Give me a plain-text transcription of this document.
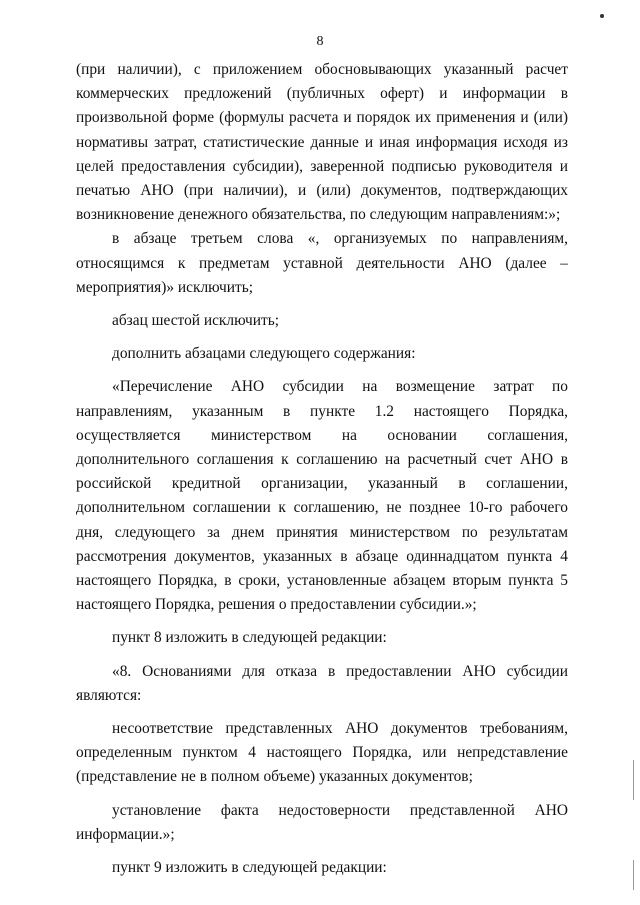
8

(при наличии), с приложением обосновывающих указанный расчет коммерческих предложений (публичных оферт) и информации в произвольной форме (формулы расчета и порядок их применения и (или) нормативы затрат, статистические данные и иная информация исходя из целей предоставления субсидии), заверенной подписью руководителя и печатью АНО (при наличии), и (или) документов, подтверждающих возникновение денежного обязательства, по следующим направлениям:»;

в абзаце третьем слова «, организуемых по направлениям, относящимся к предметам уставной деятельности АНО (далее – мероприятия)» исключить;

абзац шестой исключить;

дополнить абзацами следующего содержания:

«Перечисление АНО субсидии на возмещение затрат по направлениям, указанным в пункте 1.2 настоящего Порядка, осуществляется министерством на основании соглашения, дополнительного соглашения к соглашению на расчетный счет АНО в российской кредитной организации, указанный в соглашении, дополнительном соглашении к соглашению, не позднее 10-го рабочего дня, следующего за днем принятия министерством по результатам рассмотрения документов, указанных в абзаце одиннадцатом пункта 4 настоящего Порядка, в сроки, установленные абзацем вторым пункта 5 настоящего Порядка, решения о предоставлении субсидии.»;

пункт 8 изложить в следующей редакции:

«8. Основаниями для отказа в предоставлении АНО субсидии являются:

несоответствие представленных АНО документов требованиям, определенным пунктом 4 настоящего Порядка, или непредставление (представление не в полном объеме) указанных документов;

установление факта недостоверности представленной АНО информации.»;

пункт 9 изложить в следующей редакции:
